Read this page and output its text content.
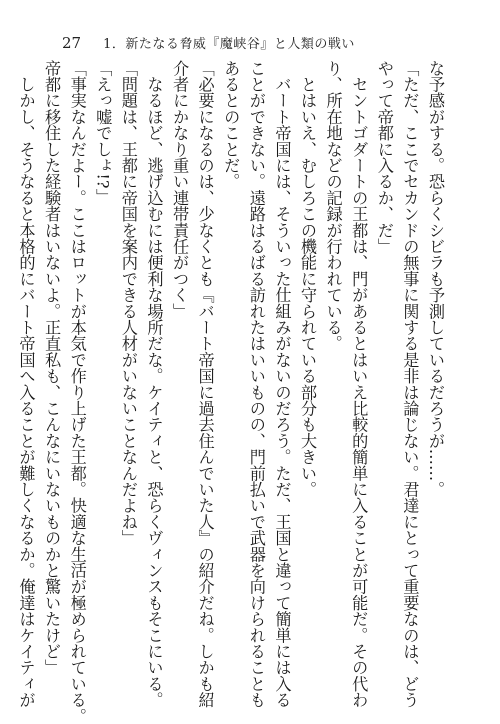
27 1．新たなる脅威『魔峡谷』と人類の戦い
な予感がする。恐らくシビラも予測しているだろうが……。
「ただ、ここでセカンドの無事に関する是非は論じない。君達にとって重要なのは、どう
やって帝都に入るか、だ」
　セントゴダートの王都は、門があるとはいえ比較的簡単に入ることが可能だ。その代わ
り、所在地などの記録が行われている。
　とはいえ、むしろこの機能に守られている部分も大きい。
　バート帝国には、そういった仕組みがないのだろう。ただ、王国と違って簡単には入る
ことができない。遠路はるばる訪れたはいいものの、門前払いで武器を向けられることも
あるとのことだ。
「必要になるのは、少なくとも『バート帝国に過去住んでいた人』の紹介だね。しかも紹
介者にかなり重い連帯責任がつく」
　なるほど、逃げ込むには便利な場所だな。ケイティと、恐らくヴィンスもそこにいる。
「問題は、王都に帝国を案内できる人材がいないことなんだよね」
「えっ嘘でしょ!?」
「事実なんだよー。ここはロットが本気で作り上げた王都。快適な生活が極められている。
帝都に移住した経験者はいないよ。正直私も、こんなにいないものかと驚いたけど」
　しかし、そうなると本格的にバート帝国へ入ることが難しくなるか。俺達はケイティが
